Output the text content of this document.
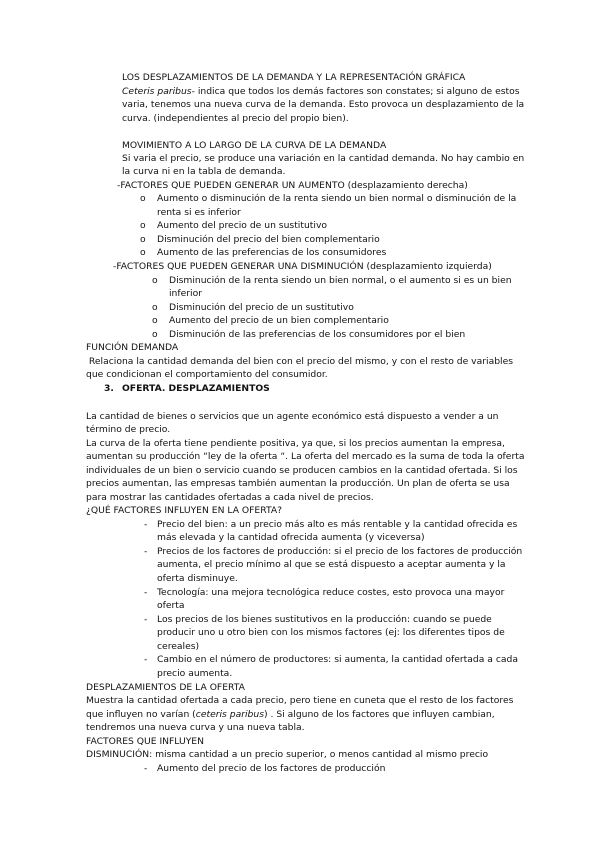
LOS DESPLAZAMIENTOS DE LA DEMANDA Y LA REPRESENTACIÓN GRÁFICA
Ceteris paribus- indica que todos los demás factores son constates; si alguno de estos
varia, tenemos una nueva curva de la demanda. Esto provoca un desplazamiento de la
curva. (independientes al precio del propio bien).
MOVIMIENTO A LO LARGO DE LA CURVA DE LA DEMANDA
Si varia el precio, se produce una variación en la cantidad demanda. No hay cambio en
la curva ni en la tabla de demanda.
-FACTORES QUE PUEDEN GENERAR UN AUMENTO (desplazamiento derecha)
o Aumento o disminución de la renta siendo un bien normal o disminución de la
renta si es inferior
o Aumento del precio de un sustitutivo
o Disminución del precio del bien complementario
o Aumento de las preferencias de los consumidores
-FACTORES QUE PUEDEN GENERAR UNA DISMINUCIÓN (desplazamiento izquierda)
o Disminución de la renta siendo un bien normal, o el aumento si es un bien
inferior
o Disminución del precio de un sustitutivo
o Aumento del precio de un bien complementario
o Disminución de las preferencias de los consumidores por el bien
FUNCIÓN DEMANDA
Relaciona la cantidad demanda del bien con el precio del mismo, y con el resto de variables
que condicionan el comportamiento del consumidor.
3. OFERTA. DESPLAZAMIENTOS
La cantidad de bienes o servicios que un agente económico está dispuesto a vender a un
término de precio.
La curva de la oferta tiene pendiente positiva, ya que, si los precios aumentan la empresa,
aumentan su producción “ley de la oferta “. La oferta del mercado es la suma de toda la oferta
individuales de un bien o servicio cuando se producen cambios en la cantidad ofertada. Si los
precios aumentan, las empresas también aumentan la producción. Un plan de oferta se usa
para mostrar las cantidades ofertadas a cada nivel de precios.
¿QUÉ FACTORES INFLUYEN EN LA OFERTA?
- Precio del bien: a un precio más alto es más rentable y la cantidad ofrecida es
más elevada y la cantidad ofrecida aumenta (y viceversa)
- Precios de los factores de producción: si el precio de los factores de producción
aumenta, el precio mínimo al que se está dispuesto a aceptar aumenta y la
oferta disminuye.
- Tecnología: una mejora tecnológica reduce costes, esto provoca una mayor
oferta
- Los precios de los bienes sustitutivos en la producción: cuando se puede
producir uno u otro bien con los mismos factores (ej: los diferentes tipos de
cereales)
- Cambio en el número de productores: si aumenta, la cantidad ofertada a cada
precio aumenta.
DESPLAZAMIENTOS DE LA OFERTA
Muestra la cantidad ofertada a cada precio, pero tiene en cuneta que el resto de los factores
que influyen no varían (ceteris paribus) . Si alguno de los factores que influyen cambian,
tendremos una nueva curva y una nueva tabla.
FACTORES QUE INFLUYEN
DISMINUCIÓN: misma cantidad a un precio superior, o menos cantidad al mismo precio
- Aumento del precio de los factores de producción
